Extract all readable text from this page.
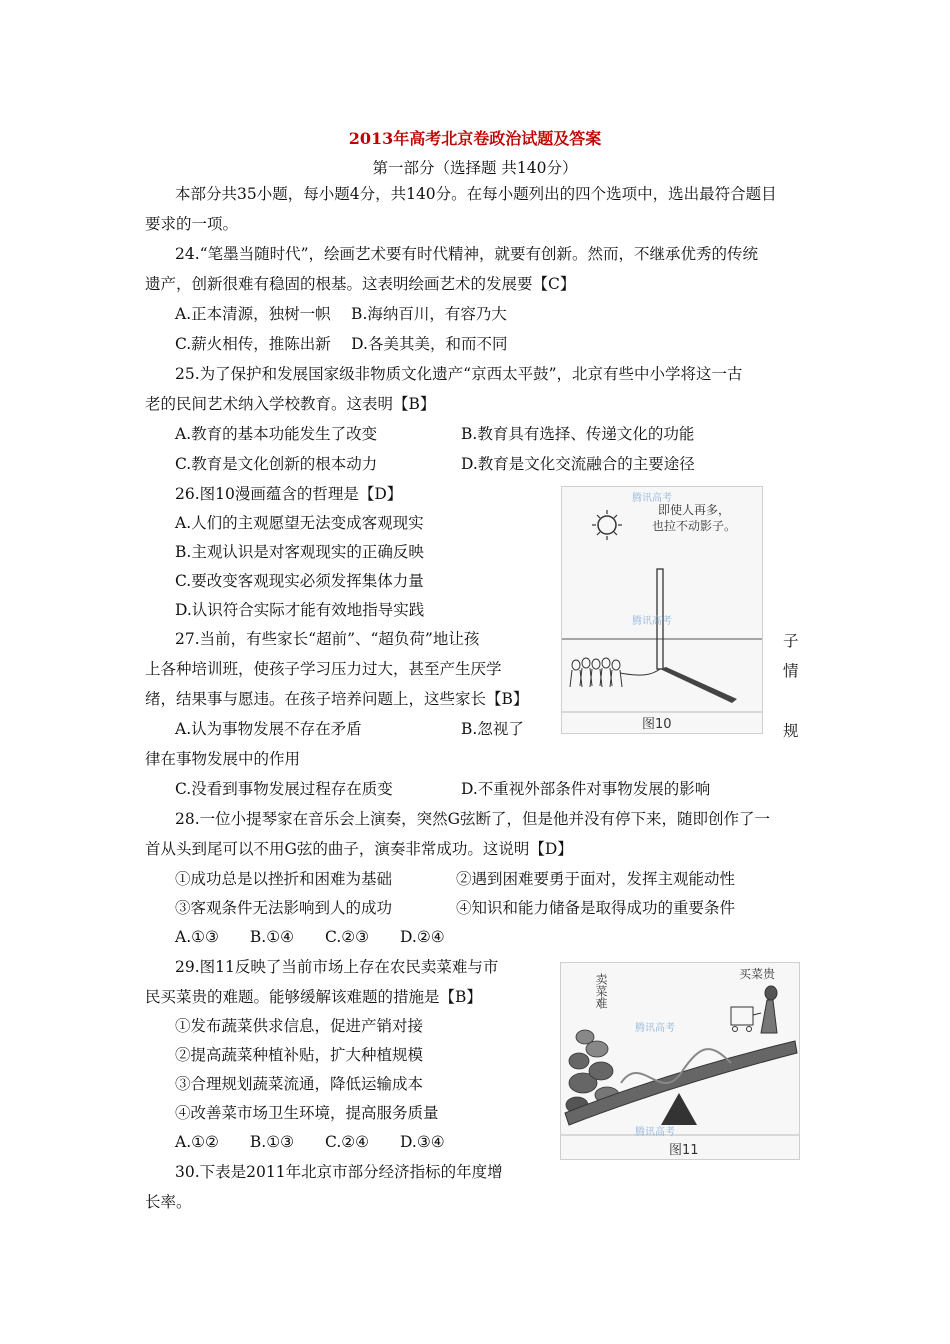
2013年高考北京卷政治试题及答案
第一部分（选择题 共140分）
本部分共35小题，每小题4分，共140分。在每小题列出的四个选项中，选出最符合题目
要求的一项。
24.“笔墨当随时代”，绘画艺术要有时代精神，就要有创新。然而，不继承优秀的传统
遗产，创新很难有稳固的根基。这表明绘画艺术的发展要【C】
A.正本清源，独树一帜　 B.海纳百川，有容乃大
C.薪火相传，推陈出新　 D.各美其美，和而不同
25.为了保护和发展国家级非物质文化遗产“京西太平鼓”，北京有些中小学将这一古
老的民间艺术纳入学校教育。这表明【B】
A.教育的基本功能发生了改变	B.教育具有选择、传递文化的功能
C.教育是文化创新的根本动力	D.教育是文化交流融合的主要途径
26.图10漫画蕴含的哲理是【D】
A.人们的主观愿望无法变成客观现实
B.主观认识是对客观现实的正确反映
C.要改变客观现实必须发挥集体力量
D.认识符合实际才能有效地指导实践
即使人再多，
也拉不动影子。
腾讯高考
腾讯高考
图10
27.当前，有些家长“超前”、“超负荷”地让孩	子
上各种培训班，使孩子学习压力过大，甚至产生厌学	情
绪，结果事与愿违。在孩子培养问题上，这些家长【B】
A.认为事物发展不存在矛盾	B.忽视了	规
律在事物发展中的作用
C.没看到事物发展过程存在质变	D.不重视外部条件对事物发展的影响
28.一位小提琴家在音乐会上演奏，突然G弦断了，但是他并没有停下来，随即创作了一
首从头到尾可以不用G弦的曲子，演奏非常成功。这说明【D】
①成功总是以挫折和困难为基础	②遇到困难要勇于面对，发挥主观能动性
③客观条件无法影响到人的成功	④知识和能力储备是取得成功的重要条件
A.①③　　B.①④　　C.②③　　D.②④
29.图11反映了当前市场上存在农民卖菜难与市
民买菜贵的难题。能够缓解该难题的措施是【B】
①发布蔬菜供求信息，促进产销对接
②提高蔬菜种植补贴，扩大种植规模
③合理规划蔬菜流通，降低运输成本
④改善菜市场卫生环境，提高服务质量
A.①②　　B.①③　　C.②④　　D.③④
卖菜难	买菜贵
腾讯高考
腾讯高考
图11
30.下表是2011年北京市部分经济指标的年度增
长率。
